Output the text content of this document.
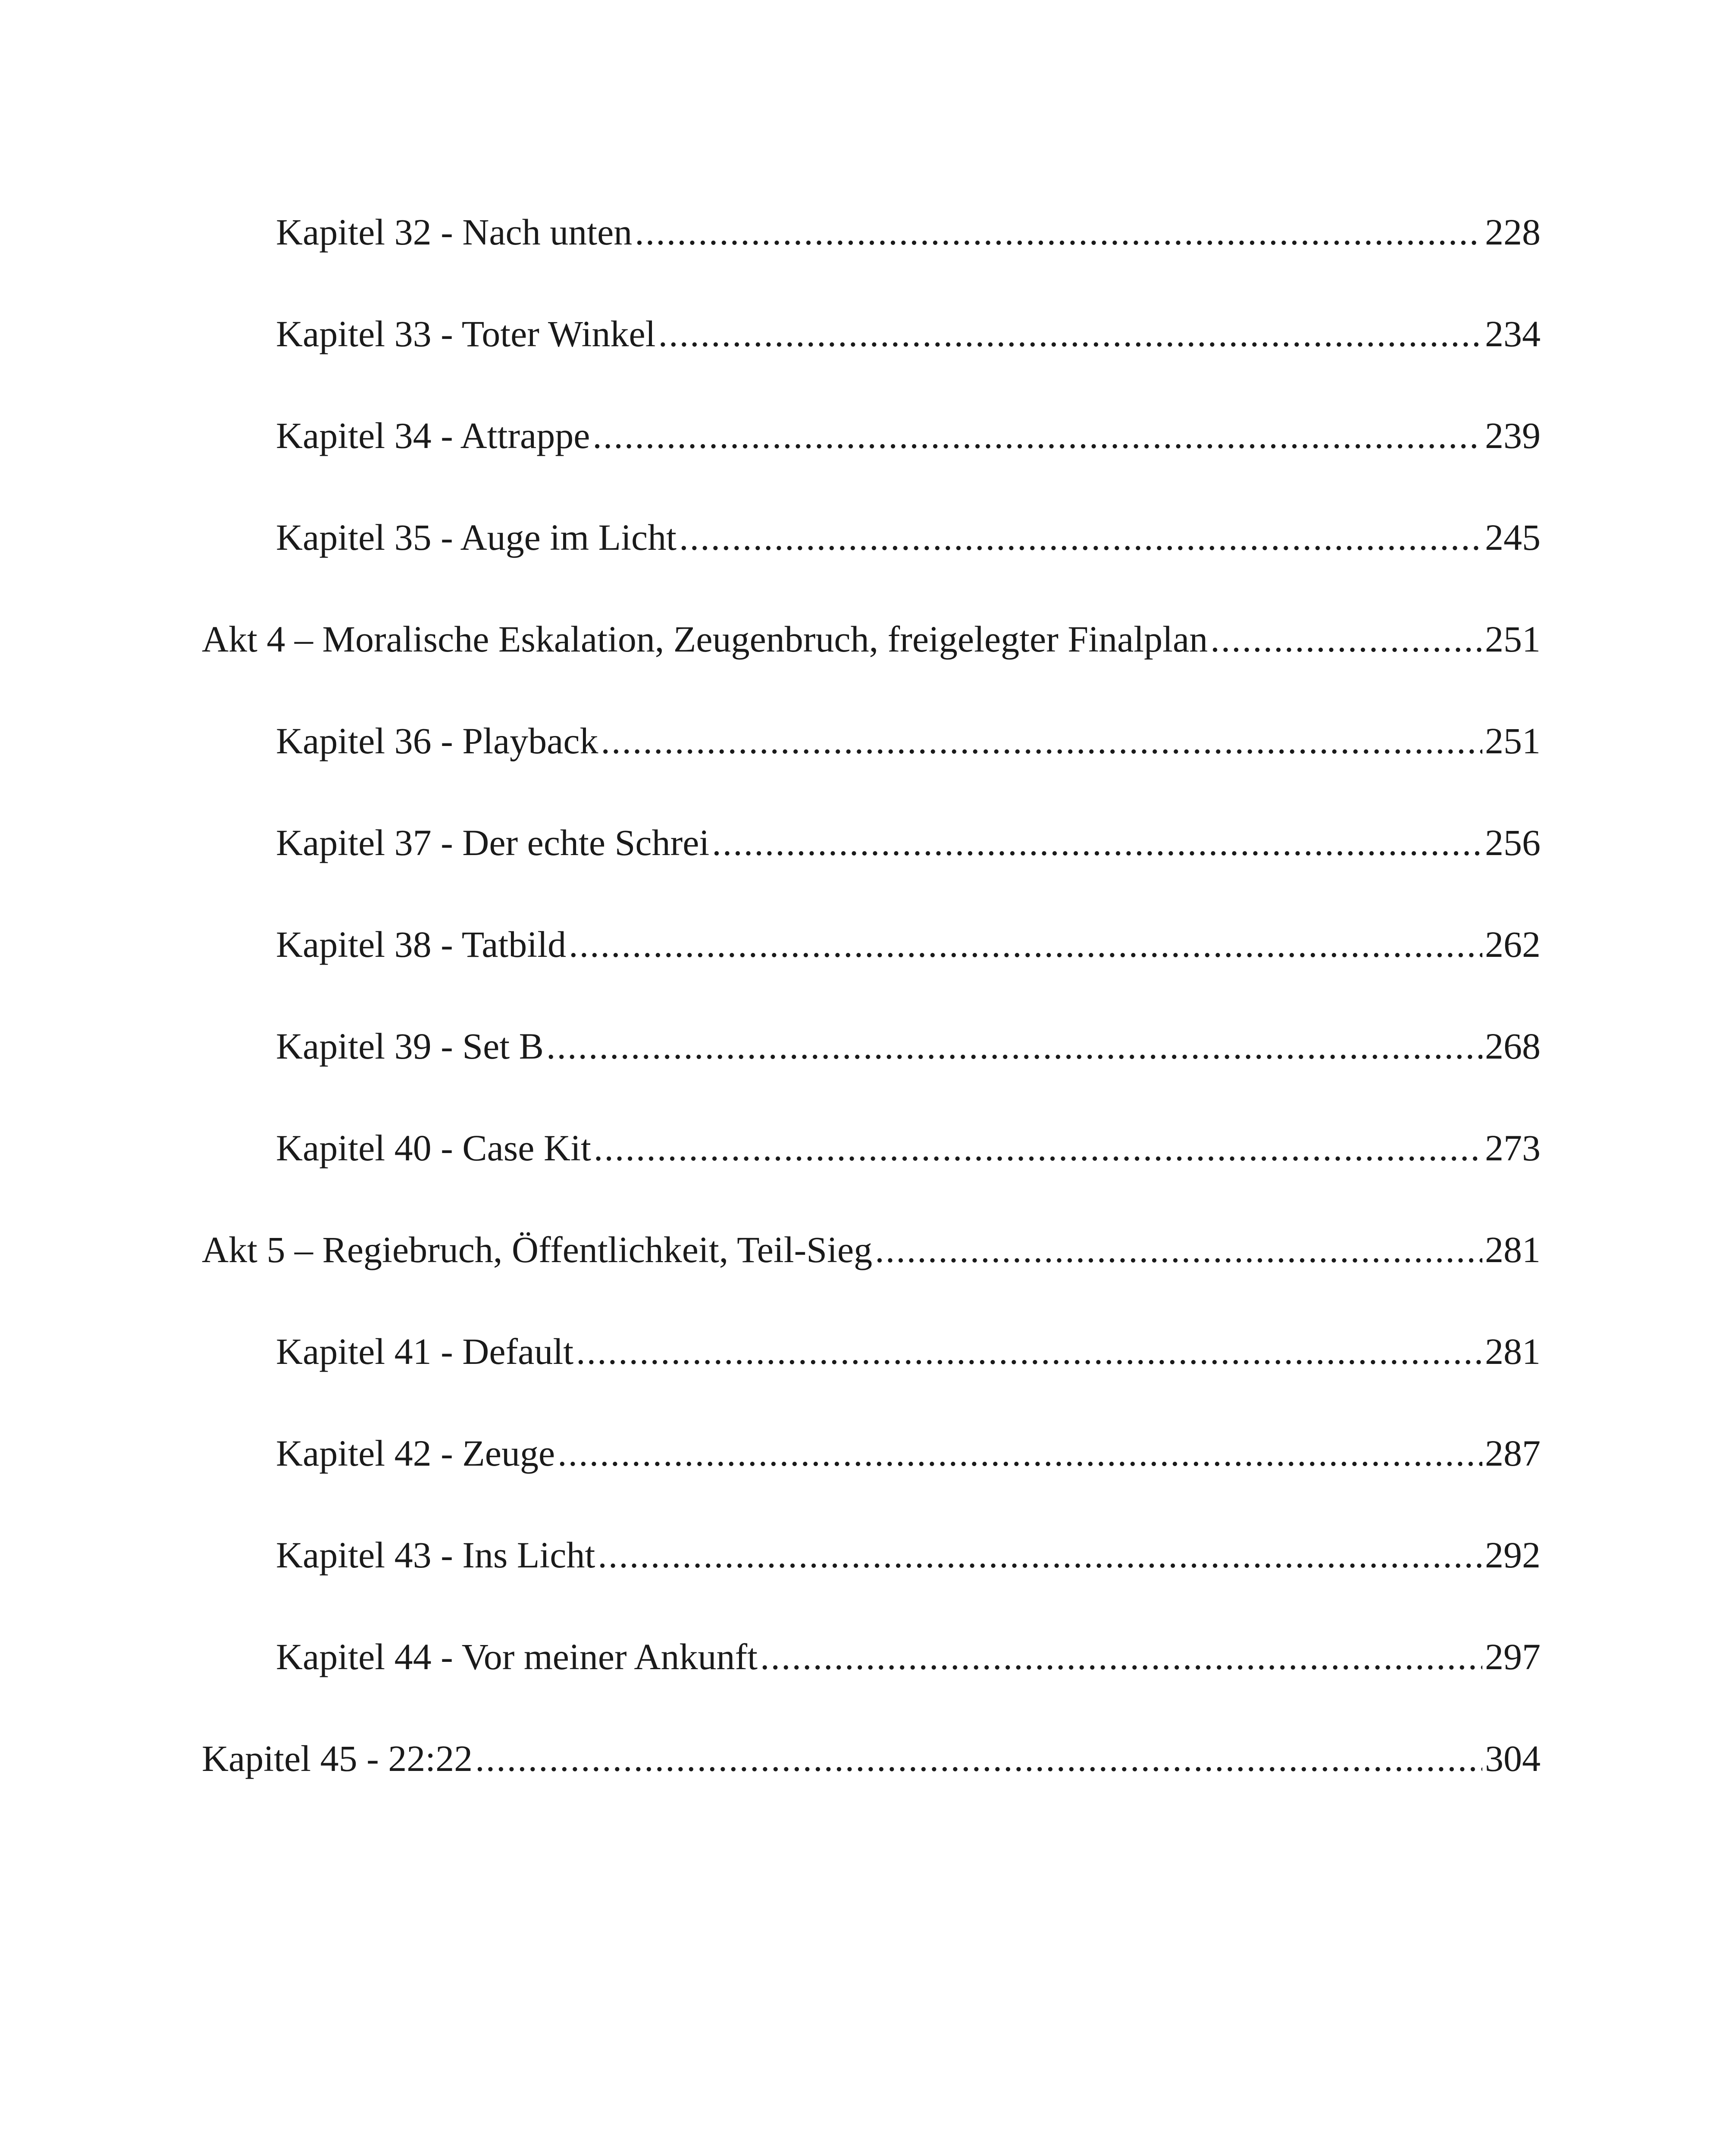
Kapitel 32 - Nach unten .....	228
Kapitel 33 - Toter Winkel .....	234
Kapitel 34 - Attrappe .....	239
Kapitel 35 - Auge im Licht .....	245
Akt 4 – Moralische Eskalation, Zeugenbruch, freigelegter Finalplan .....	251
Kapitel 36 - Playback .....	251
Kapitel 37 - Der echte Schrei .....	256
Kapitel 38 - Tatbild .....	262
Kapitel 39 - Set B .....	268
Kapitel 40 - Case Kit .....	273
Akt 5 – Regiebruch, Öffentlichkeit, Teil-Sieg .....	281
Kapitel 41 - Default .....	281
Kapitel 42 - Zeuge .....	287
Kapitel 43 - Ins Licht .....	292
Kapitel 44 - Vor meiner Ankunft .....	297
Kapitel 45 - 22:22 .....	304
